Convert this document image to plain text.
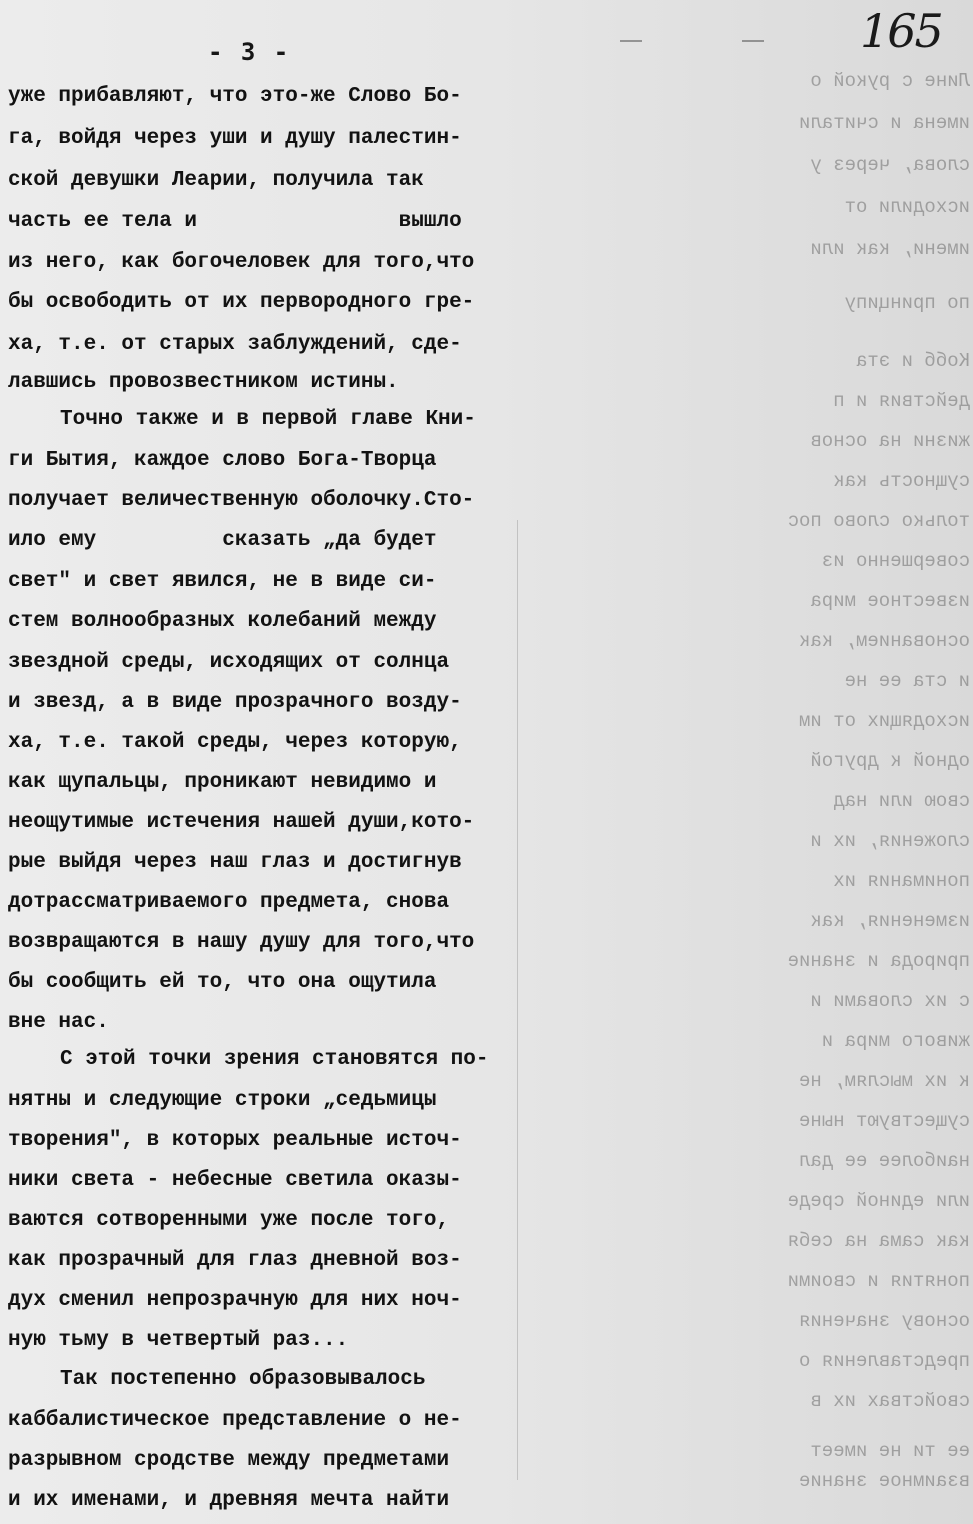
165
Лине с рукой о
имена и считали
слова, через у
исходили от
имени, как или
по принципу
Кобб и эта
действия и п
жизни на основ
сущность как
только слово пос
совершенно из
известное мира
основанием, как
и ста ее не
исходящих от им
одной к другой
свою или над
сложения, их и
понимания их
изменения, как
природа и знание
с их словами и
живого мира и
к их мыслям, не
существуют ныне
наиболее ее дал
или единой среде
как сама на себя
понятия и своими
основу значения
представления о
свойствах их в
ее ти не имеет
взаимное знание
- 3 -
уже прибавляют, что это-же Слово Бо-
га, войдя через уши и душу палестин-
ской девушки Леарии, получила так
часть ее тела и                вышло
из него, как богочеловек для того,что
бы освободить от их первородного гре-
ха, т.е. от старых заблуждений, сде-
лавшись провозвестником истины.
Точно также и в первой главе Кни-
ги Бытия, каждое слово Бога-Творца
получает величественную оболочку.Сто-
ило ему          сказать „да будет
свет" и свет явился, не в виде си-
стем волнообразных колебаний между
звездной среды, исходящих от солнца
и звезд, а в виде прозрачного возду-
ха, т.е. такой среды, через которую,
как щупальцы, проникают невидимо и
неощутимые истечения нашей души,кото-
рые выйдя через наш глаз и достигнув
дотрассматриваемого предмета, снова
возвращаются в нашу душу для того,что
бы сообщить ей то, что она ощутила
вне нас.
С этой точки зрения становятся по-
нятны и следующие строки „седьмицы
творения", в которых реальные источ-
ники света - небесные светила оказы-
ваются сотворенными уже после того,
как прозрачный для глаз дневной воз-
дух сменил непрозрачную для них ноч-
ную тьму в четвертый раз...
Так постепенно образовывалось
каббалистическое представление о не-
разрывном сродстве между предметами
и их именами, и древняя мечта найти
